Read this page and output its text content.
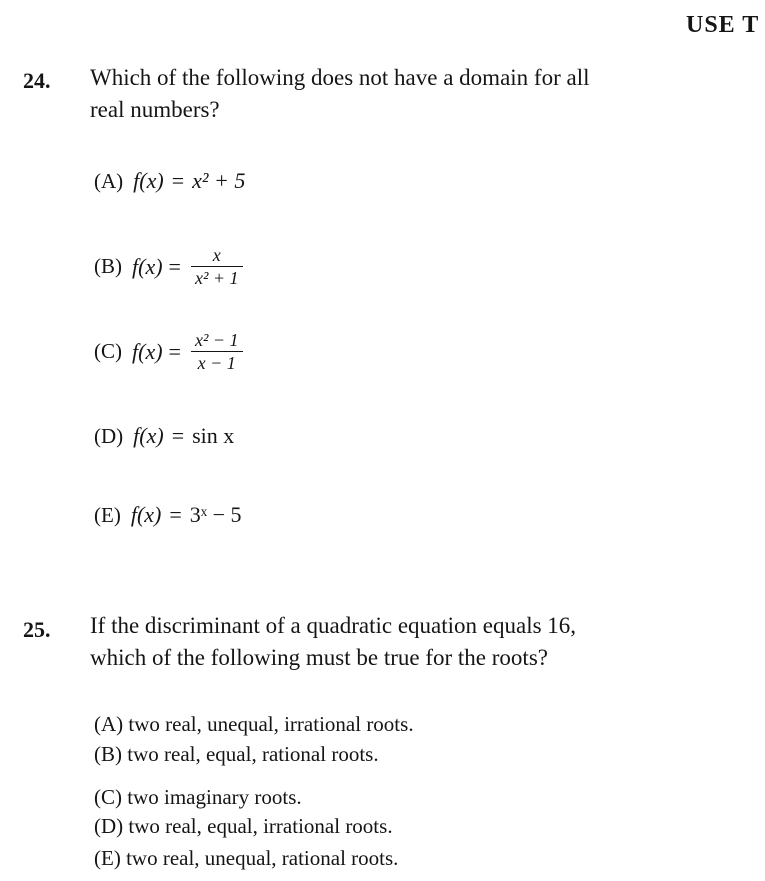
USE T
24. Which of the following does not have a domain for all
real numbers?
(A) f(x) = x² + 5
(B) $f(x) = \frac{x}{\text{x² + 1}}$
(C) $f(x) = \frac{\text{x² − 1}}{x - 1}$
(D) f(x) = sin x
(E) f(x) = 3ˣ − 5
25. If the discriminant of a quadratic equation equals 16,
which of the following must be true for the roots?
(A) two real, unequal, irrational roots.
(B) two real, equal, rational roots.
(C) two imaginary roots.
(D) two real, equal, irrational roots.
(E) two real, unequal, rational roots.
